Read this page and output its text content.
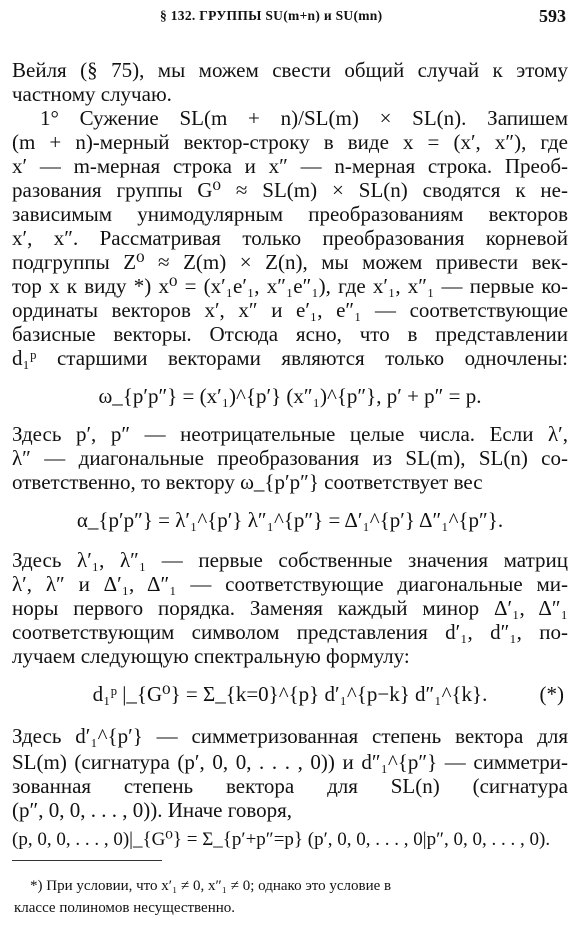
§ 132. ГРУППЫ SU(m+n) и SU(mn)	593
Вейля (§ 75), мы можем свести общий случай к этому
частному случаю.
1° Сужение SL(m + n)/SL(m) × SL(n). Запишем
(m + n)-мерный вектор-строку в виде x = (x′, x″), где
x′ — m-мерная строка и x″ — n-мерная строка. Преоб-
разования группы G⁰ ≈ SL(m) × SL(n) сводятся к не-
зависимым унимодулярным преобразованиям векторов
x′, x″. Рассматривая только преобразования корневой
подгруппы Z⁰ ≈ Z(m) × Z(n), мы можем привести век-
тор x к виду *) x⁰ = (x′₁e′₁, x″₁e″₁), где x′₁, x″₁ — первые ко-
ординаты векторов x′, x″ и e′₁, e″₁ — соответствующие
базисные векторы. Отсюда ясно, что в представлении
d₁ᵖ старшими векторами являются только одночлены:
ω_{p′p″} = (x′₁)^{p′} (x″₁)^{p″}, p′ + p″ = p.
Здесь p′, p″ — неотрицательные целые числа. Если λ′,
λ″ — диагональные преобразования из SL(m), SL(n) со-
ответственно, то вектору ω_{p′p″} соответствует вес
α_{p′p″} = λ′₁^{p′} λ″₁^{p″} = Δ′₁^{p′} Δ″₁^{p″}.
Здесь λ′₁, λ″₁ — первые собственные значения матриц
λ′, λ″ и Δ′₁, Δ″₁ — соответствующие диагональные ми-
норы первого порядка. Заменяя каждый минор Δ′₁, Δ″₁
соответствующим символом представления d′₁, d″₁, по-
лучаем следующую спектральную формулу:
d₁ᵖ |_{G⁰} = Σ_{k=0}^{p} d′₁^{p−k} d″₁^{k}.	(*)
Здесь d′₁^{p′} — симметризованная степень вектора для
SL(m) (сигнатура (p′, 0, 0, . . . , 0)) и d″₁^{p″} — симметри-
зованная степень вектора для SL(n) (сигнатура
(p″, 0, 0, . . . , 0)). Иначе говоря,
(p, 0, 0, . . . , 0)|_{G⁰} = Σ_{p′+p″=p} (p′, 0, 0, . . . , 0|p″, 0, 0, . . . , 0).
*) При условии, что x′₁ ≠ 0, x″₁ ≠ 0; однако это условие в
классе полиномов несущественно.
